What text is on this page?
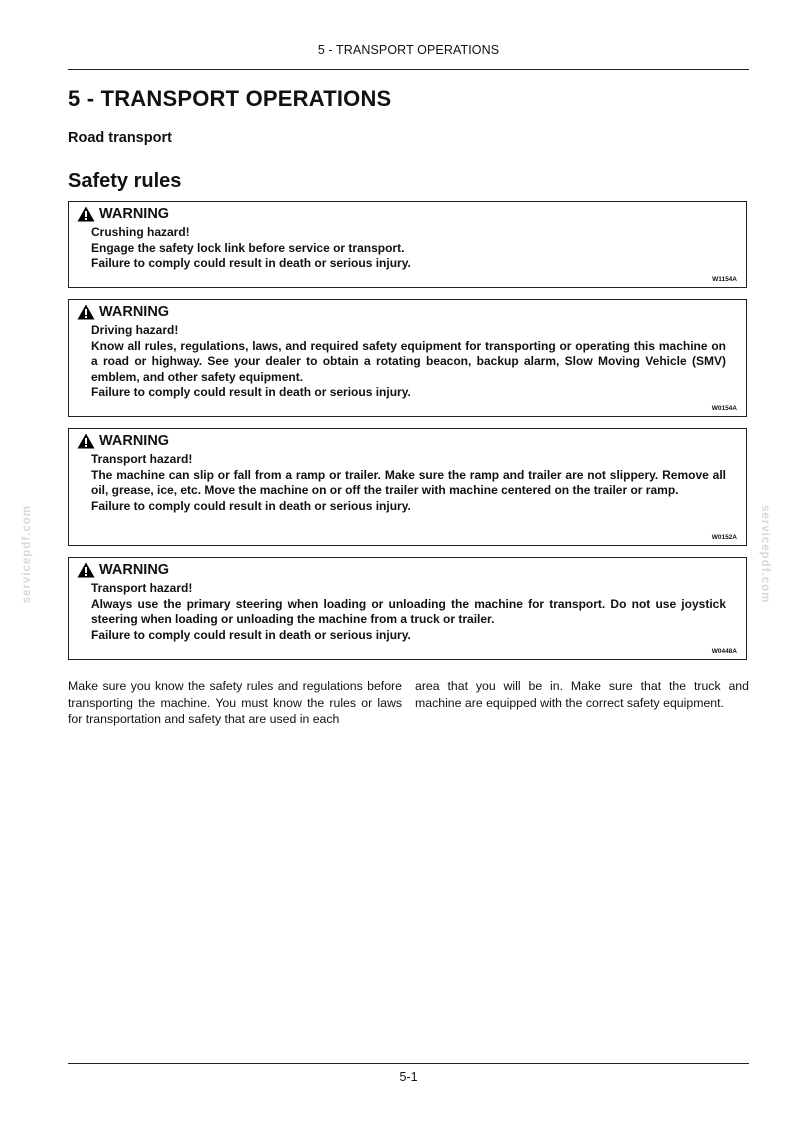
5 - TRANSPORT OPERATIONS
5 - TRANSPORT OPERATIONS
Road transport
Safety rules
WARNING

Crushing hazard!

Engage the safety lock link before service or transport.

Failure to comply could result in death or serious injury.

W1154A
WARNING

Driving hazard!

Know all rules, regulations, laws, and required safety equipment for transporting or operating this machine on a road or highway. See your dealer to obtain a rotating beacon, backup alarm, Slow Moving Vehicle (SMV) emblem, and other safety equipment.

Failure to comply could result in death or serious injury.

W0154A
WARNING

Transport hazard!

The machine can slip or fall from a ramp or trailer. Make sure the ramp and trailer are not slippery. Remove all oil, grease, ice, etc. Move the machine on or off the trailer with machine centered on the trailer or ramp.

Failure to comply could result in death or serious injury.

W0152A
WARNING

Transport hazard!

Always use the primary steering when loading or unloading the machine for transport. Do not use joystick steering when loading or unloading the machine from a truck or trailer.

Failure to comply could result in death or serious injury.

W0448A

Make sure you know the safety rules and regulations before transporting the machine. You must know the rules or laws for transportation and safety that are used in each

area that you will be in. Make sure that the truck and machine are equipped with the correct safety equipment.

servicepdf.com	servicepdf.com
5-1
